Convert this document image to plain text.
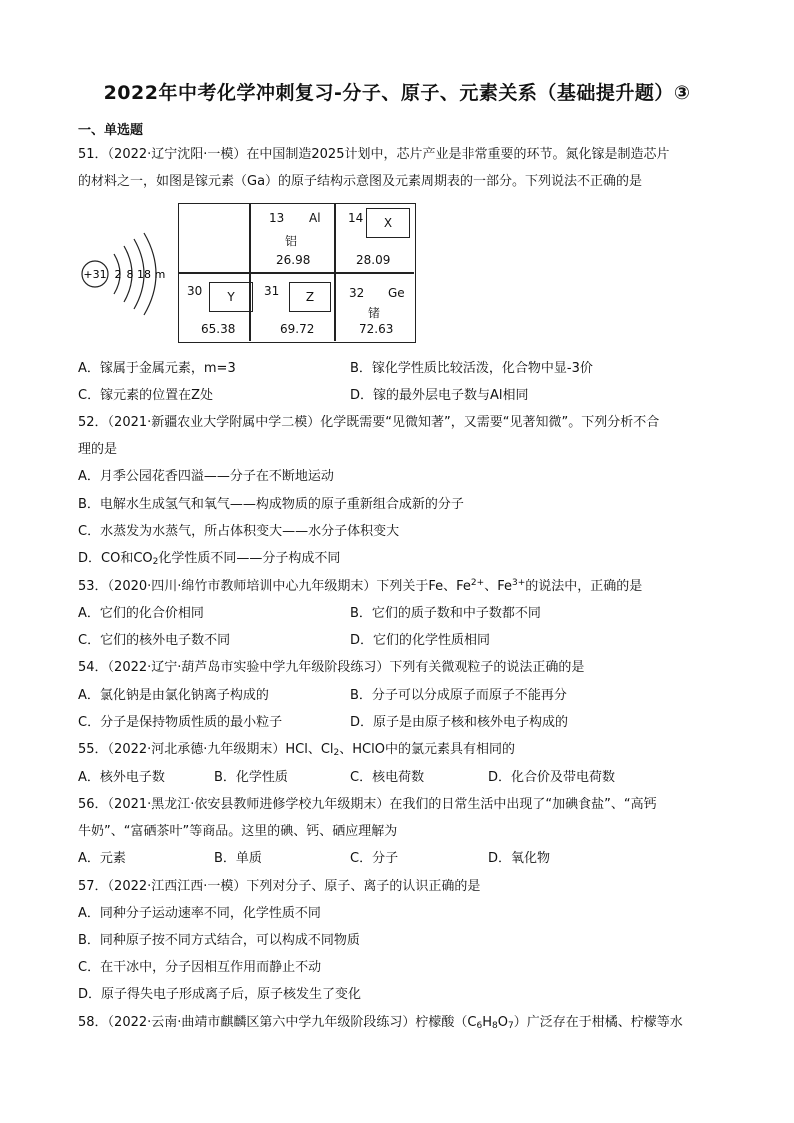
2022年中考化学冲刺复习-分子、原子、元素关系（基础提升题）③
一、单选题
51．（2022·辽宁沈阳·一模）在中国制造2025计划中，芯片产业是非常重要的环节。氮化镓是制造芯片
的材料之一，如图是镓元素（Ga）的原子结构示意图及元素周期表的一部分。下列说法不正确的是
+31 2 8 18 m
13 Al
铝
26.98
14	X
28.09
30	Y
65.38
31	Z
69.72
32 Ge
锗
72.63
A．镓属于金属元素，m=3	B．镓化学性质比较活泼，化合物中显-3价
C．镓元素的位置在Z处	D．镓的最外层电子数与Al相同
52．（2021·新疆农业大学附属中学二模）化学既需要“见微知著”，又需要“见著知微”。下列分析不合
理的是
A．月季公园花香四溢——分子在不断地运动
B．电解水生成氢气和氧气——构成物质的原子重新组合成新的分子
C．水蒸发为水蒸气，所占体积变大——水分子体积变大
D．CO和$CO_2$化学性质不同——分子构成不同
53．（2020·四川·绵竹市教师培训中心九年级期末）下列关于Fe、$Fe^{2+}$、$Fe^{3+}$的说法中，正确的是
A．它们的化合价相同	B．它们的质子数和中子数都不同
C．它们的核外电子数不同	D．它们的化学性质相同
54．（2022·辽宁·葫芦岛市实验中学九年级阶段练习）下列有关微观粒子的说法正确的是
A．氯化钠是由氯化钠离子构成的	B．分子可以分成原子而原子不能再分
C．分子是保持物质性质的最小粒子	D．原子是由原子核和核外电子构成的
55．（2022·河北承德·九年级期末）HCl、$Cl_2$、HClO中的氯元素具有相同的
A．核外电子数	B．化学性质	C．核电荷数	D．化合价及带电荷数
56．（2021·黑龙江·依安县教师进修学校九年级期末）在我们的日常生活中出现了“加碘食盐”、“高钙
牛奶”、“富硒茶叶”等商品。这里的碘、钙、硒应理解为
A．元素	B．单质	C．分子	D．氧化物
57．（2022·江西江西·一模）下列对分子、原子、离子的认识正确的是
A．同种分子运动速率不同，化学性质不同
B．同种原子按不同方式结合，可以构成不同物质
C．在干冰中，分子因相互作用而静止不动
D．原子得失电子形成离子后，原子核发生了变化
58．（2022·云南·曲靖市麒麟区第六中学九年级阶段练习）柠檬酸$(C_6H_8O_7)$广泛存在于柑橘、柠檬等水
